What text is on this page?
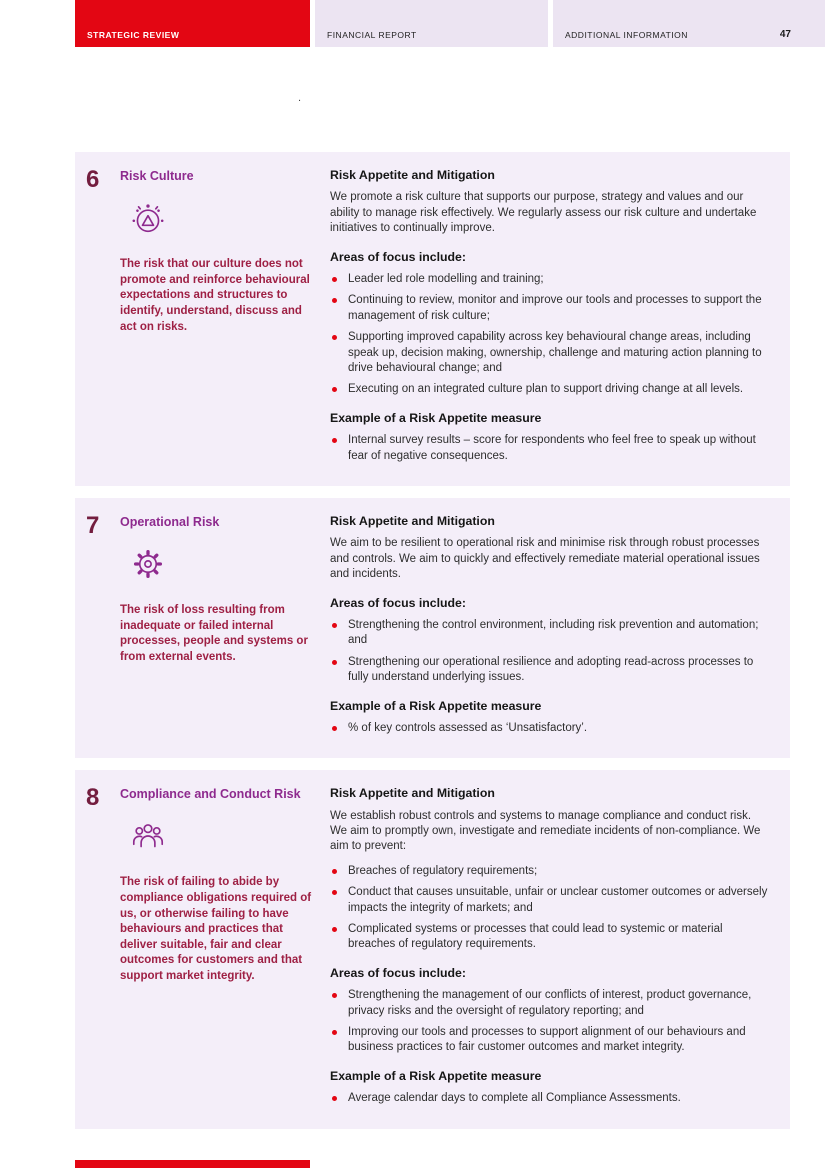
STRATEGIC REVIEW	FINANCIAL REPORT	ADDITIONAL INFORMATION	47
.
6	Risk Culture

The risk that our culture does not promote and reinforce behavioural expectations and structures to identify, understand, discuss and act on risks.

Risk Appetite and Mitigation

We promote a risk culture that supports our purpose, strategy and values and our ability to manage risk effectively. We regularly assess our risk culture and undertake initiatives to continually improve.

Areas of focus include:
Leader led role modelling and training;
Continuing to review, monitor and improve our tools and processes to support the management of risk culture;
Supporting improved capability across key behavioural change areas, including speak up, decision making, ownership, challenge and maturing action planning to drive behavioural change; and
Executing on an integrated culture plan to support driving change at all levels.
Example of a Risk Appetite measure
Internal survey results – score for respondents who feel free to speak up without fear of negative consequences.
7	Operational Risk

The risk of loss resulting from inadequate or failed internal processes, people and systems or from external events.

Risk Appetite and Mitigation

We aim to be resilient to operational risk and minimise risk through robust processes and controls. We aim to quickly and effectively remediate material operational issues and incidents.

Areas of focus include:
Strengthening the control environment, including risk prevention and automation; and
Strengthening our operational resilience and adopting read-across processes to fully understand underlying issues.
Example of a Risk Appetite measure
% of key controls assessed as ‘Unsatisfactory’.
8	Compliance and Conduct Risk

The risk of failing to abide by compliance obligations required of us, or otherwise failing to have behaviours and practices that deliver suitable, fair and clear outcomes for customers and that support market integrity.

Risk Appetite and Mitigation

We establish robust controls and systems to manage compliance and conduct risk. We aim to promptly own, investigate and remediate incidents of non-compliance. We aim to prevent:

Breaches of regulatory requirements;
Conduct that causes unsuitable, unfair or unclear customer outcomes or adversely impacts the integrity of markets; and
Complicated systems or processes that could lead to systemic or material breaches of regulatory requirements.
Areas of focus include:
Strengthening the management of our conflicts of interest, product governance, privacy risks and the oversight of regulatory reporting; and
Improving our tools and processes to support alignment of our behaviours and business practices to fair customer outcomes and market integrity.
Example of a Risk Appetite measure
Average calendar days to complete all Compliance Assessments.
